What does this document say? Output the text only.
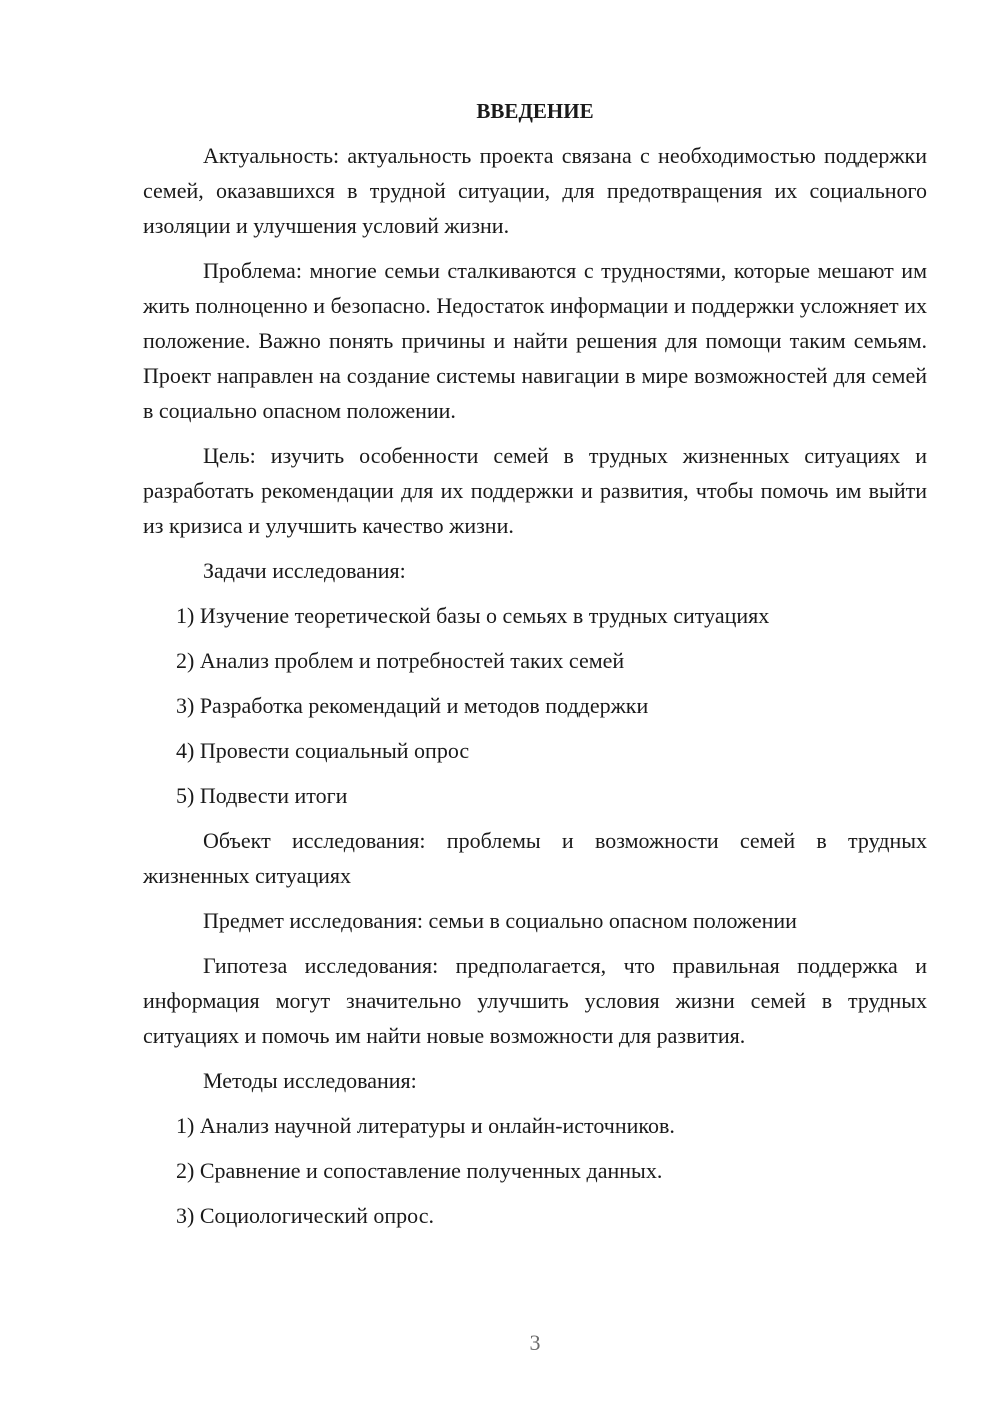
ВВЕДЕНИЕ

Актуальность: актуальность проекта связана с необходимостью поддержки семей, оказавшихся в трудной ситуации, для предотвращения их социального изоляции и улучшения условий жизни.

Проблема: многие семьи сталкиваются с трудностями, которые мешают им жить полноценно и безопасно. Недостаток информации и поддержки усложняет их положение. Важно понять причины и найти решения для помощи таким семьям. Проект направлен на создание системы навигации в мире возможностей для семей в социально опасном положении.

Цель: изучить особенности семей в трудных жизненных ситуациях и разработать рекомендации для их поддержки и развития, чтобы помочь им выйти из кризиса и улучшить качество жизни.

Задачи исследования:

1) Изучение теоретической базы о семьях в трудных ситуациях
2) Анализ проблем и потребностей таких семей
3) Разработка рекомендаций и методов поддержки
4) Провести социальный опрос
5) Подвести итоги

Объект исследования: проблемы и возможности семей в трудных жизненных ситуациях

Предмет исследования: семьи в социально опасном положении

Гипотеза исследования: предполагается, что правильная поддержка и информация могут значительно улучшить условия жизни семей в трудных ситуациях и помочь им найти новые возможности для развития.

Методы исследования:

1) Анализ научной литературы и онлайн-источников.
2) Сравнение и сопоставление полученных данных.
3) Социологический опрос.
3
